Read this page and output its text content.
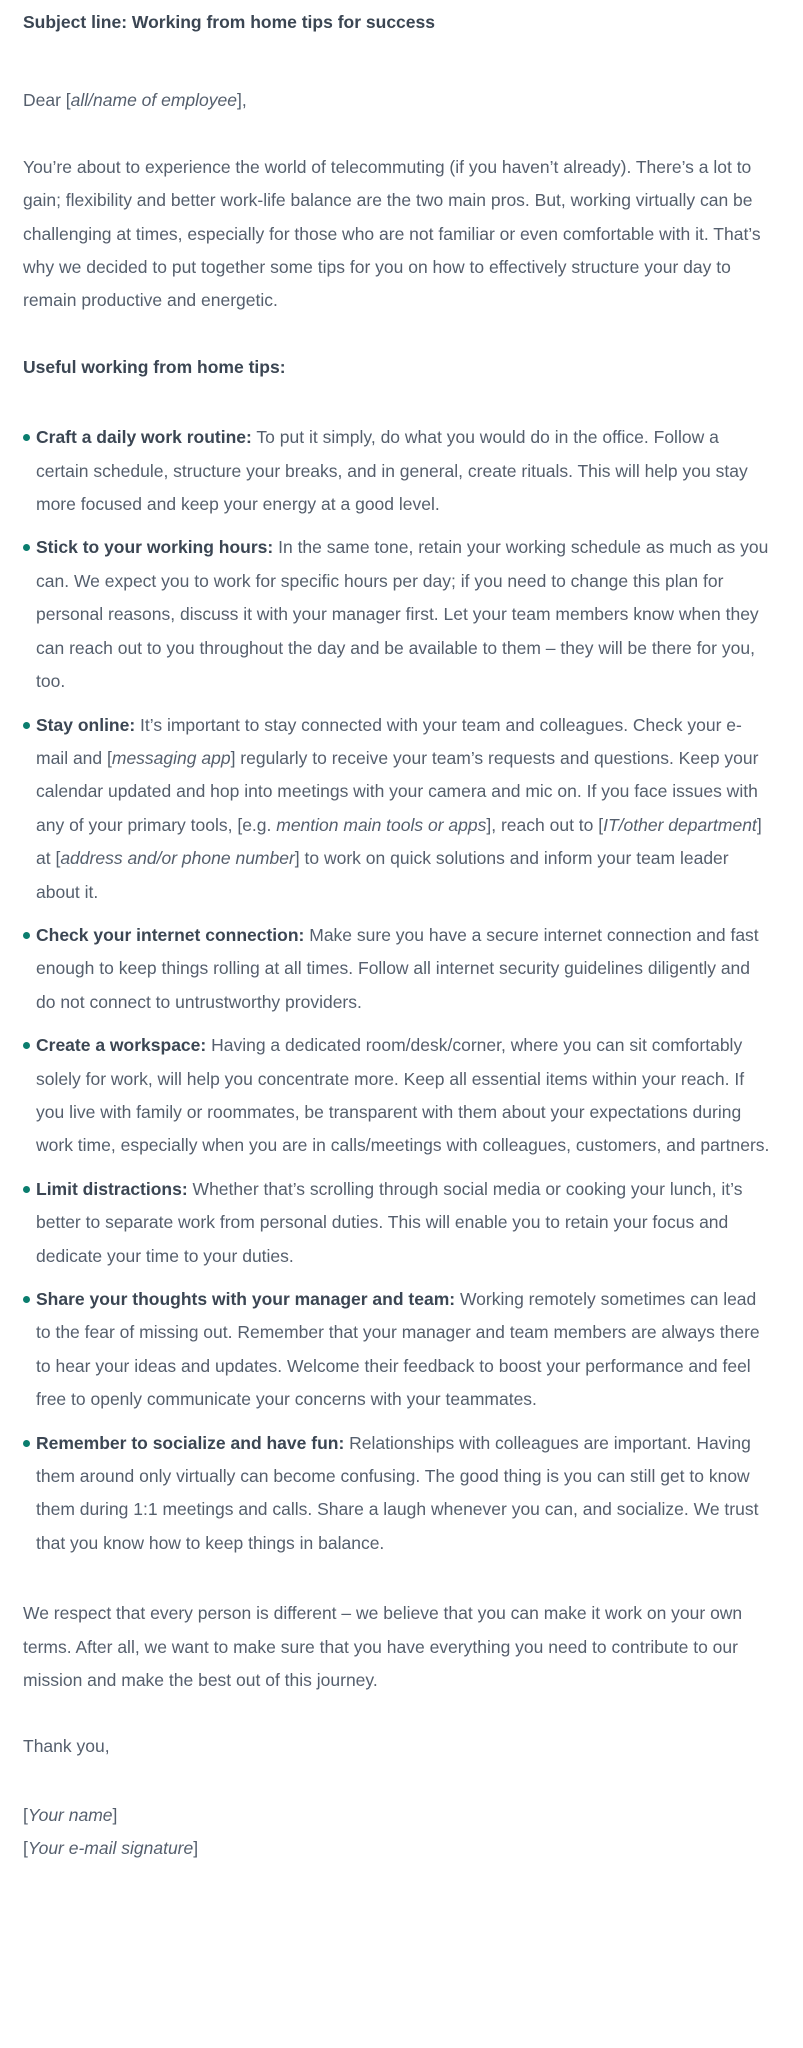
Subject line: Working from home tips for success

Dear [all/name of employee],

You’re about to experience the world of telecommuting (if you haven’t already). There’s a lot to gain; flexibility and better work-life balance are the two main pros. But, working virtually can be challenging at times, especially for those who are not familiar or even comfortable with it. That’s why we decided to put together some tips for you on how to effectively structure your day to remain productive and energetic.

Useful working from home tips:

Craft a daily work routine: To put it simply, do what you would do in the office. Follow a certain schedule, structure your breaks, and in general, create rituals. This will help you stay more focused and keep your energy at a good level.
Stick to your working hours: In the same tone, retain your working schedule as much as you can. We expect you to work for specific hours per day; if you need to change this plan for personal reasons, discuss it with your manager first. Let your team members know when they can reach out to you throughout the day and be available to them – they will be there for you, too.
Stay online: It’s important to stay connected with your team and colleagues. Check your e-mail and [messaging app] regularly to receive your team’s requests and questions. Keep your calendar updated and hop into meetings with your camera and mic on. If you face issues with any of your primary tools, [e.g. mention main tools or apps], reach out to [IT/other department] at [address and/or phone number] to work on quick solutions and inform your team leader about it.
Check your internet connection: Make sure you have a secure internet connection and fast enough to keep things rolling at all times. Follow all internet security guidelines diligently and do not connect to untrustworthy providers.
Create a workspace: Having a dedicated room/desk/corner, where you can sit comfortably solely for work, will help you concentrate more. Keep all essential items within your reach. If you live with family or roommates, be transparent with them about your expectations during work time, especially when you are in calls/meetings with colleagues, customers, and partners.
Limit distractions: Whether that’s scrolling through social media or cooking your lunch, it’s better to separate work from personal duties. This will enable you to retain your focus and dedicate your time to your duties.
Share your thoughts with your manager and team: Working remotely sometimes can lead to the fear of missing out. Remember that your manager and team members are always there to hear your ideas and updates. Welcome their feedback to boost your performance and feel free to openly communicate your concerns with your teammates.
Remember to socialize and have fun: Relationships with colleagues are important. Having them around only virtually can become confusing. The good thing is you can still get to know them during 1:1 meetings and calls. Share a laugh whenever you can, and socialize. We trust that you know how to keep things in balance.

We respect that every person is different – we believe that you can make it work on your own terms. After all, we want to make sure that you have everything you need to contribute to our mission and make the best out of this journey.

Thank you,

[Your name]

[Your e-mail signature]
